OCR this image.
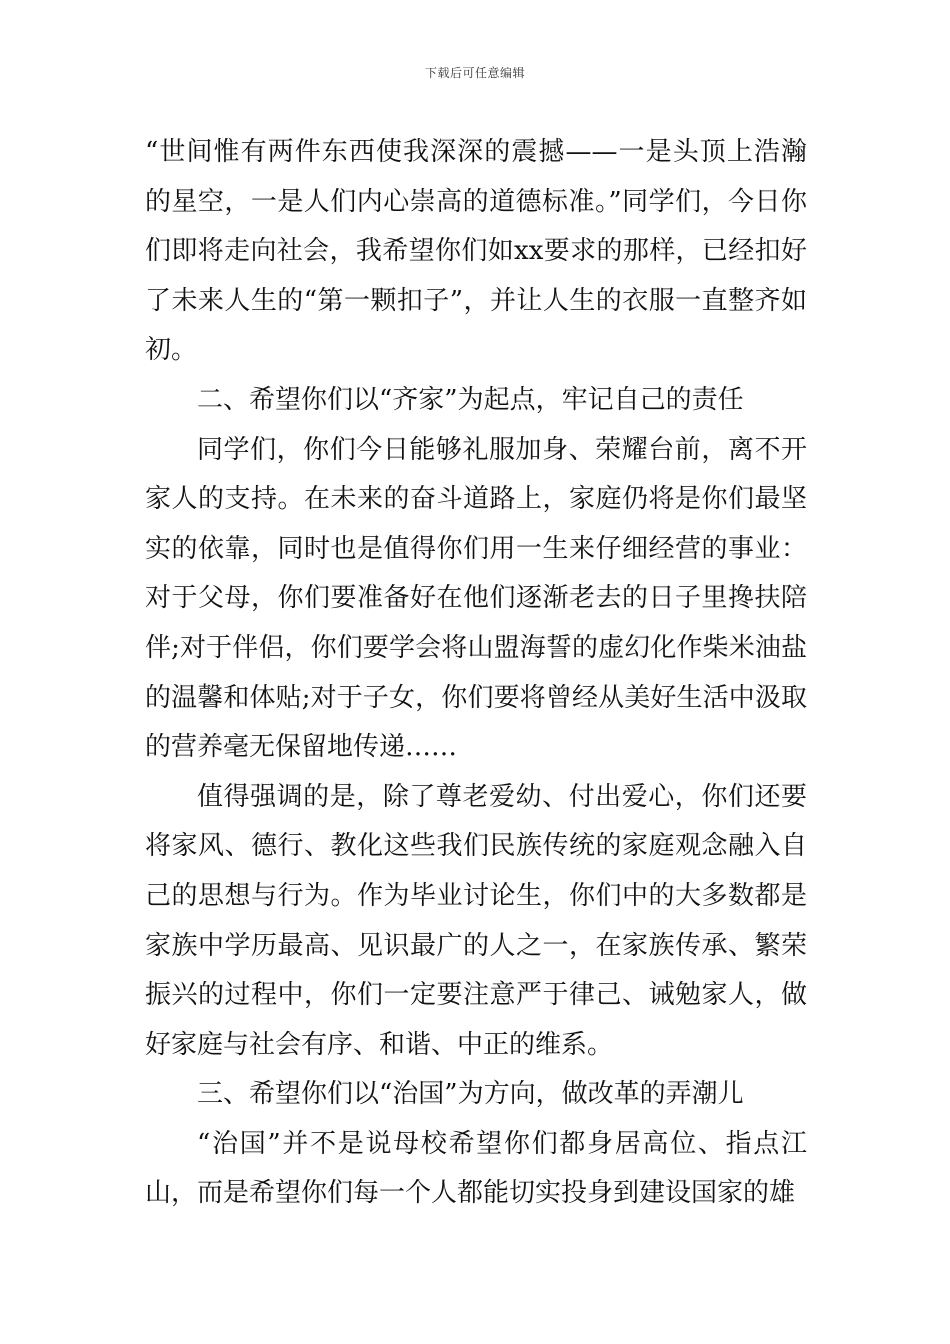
下载后可任意编辑

“世间惟有两件东西使我深深的震撼——一是头顶上浩瀚的星空，一是人们内心崇高的道德标准。”同学们，今日你们即将走向社会，我希望你们如xx要求的那样，已经扣好了未来人生的“第一颗扣子”，并让人生的衣服一直整齐如初。

二、希望你们以“齐家”为起点，牢记自己的责任

同学们，你们今日能够礼服加身、荣耀台前，离不开家人的支持。在未来的奋斗道路上，家庭仍将是你们最坚实的依靠，同时也是值得你们用一生来仔细经营的事业：对于父母，你们要准备好在他们逐渐老去的日子里搀扶陪伴;对于伴侣，你们要学会将山盟海誓的虚幻化作柴米油盐的温馨和体贴;对于子女，你们要将曾经从美好生活中汲取的营养毫无保留地传递……

值得强调的是，除了尊老爱幼、付出爱心，你们还要将家风、德行、教化这些我们民族传统的家庭观念融入自己的思想与行为。作为毕业讨论生，你们中的大多数都是家族中学历最高、见识最广的人之一，在家族传承、繁荣振兴的过程中，你们一定要注意严于律己、诫勉家人，做好家庭与社会有序、和谐、中正的维系。

三、希望你们以“治国”为方向，做改革的弄潮儿

“治国”并不是说母校希望你们都身居高位、指点江山，而是希望你们每一个人都能切实投身到建设国家的雄
